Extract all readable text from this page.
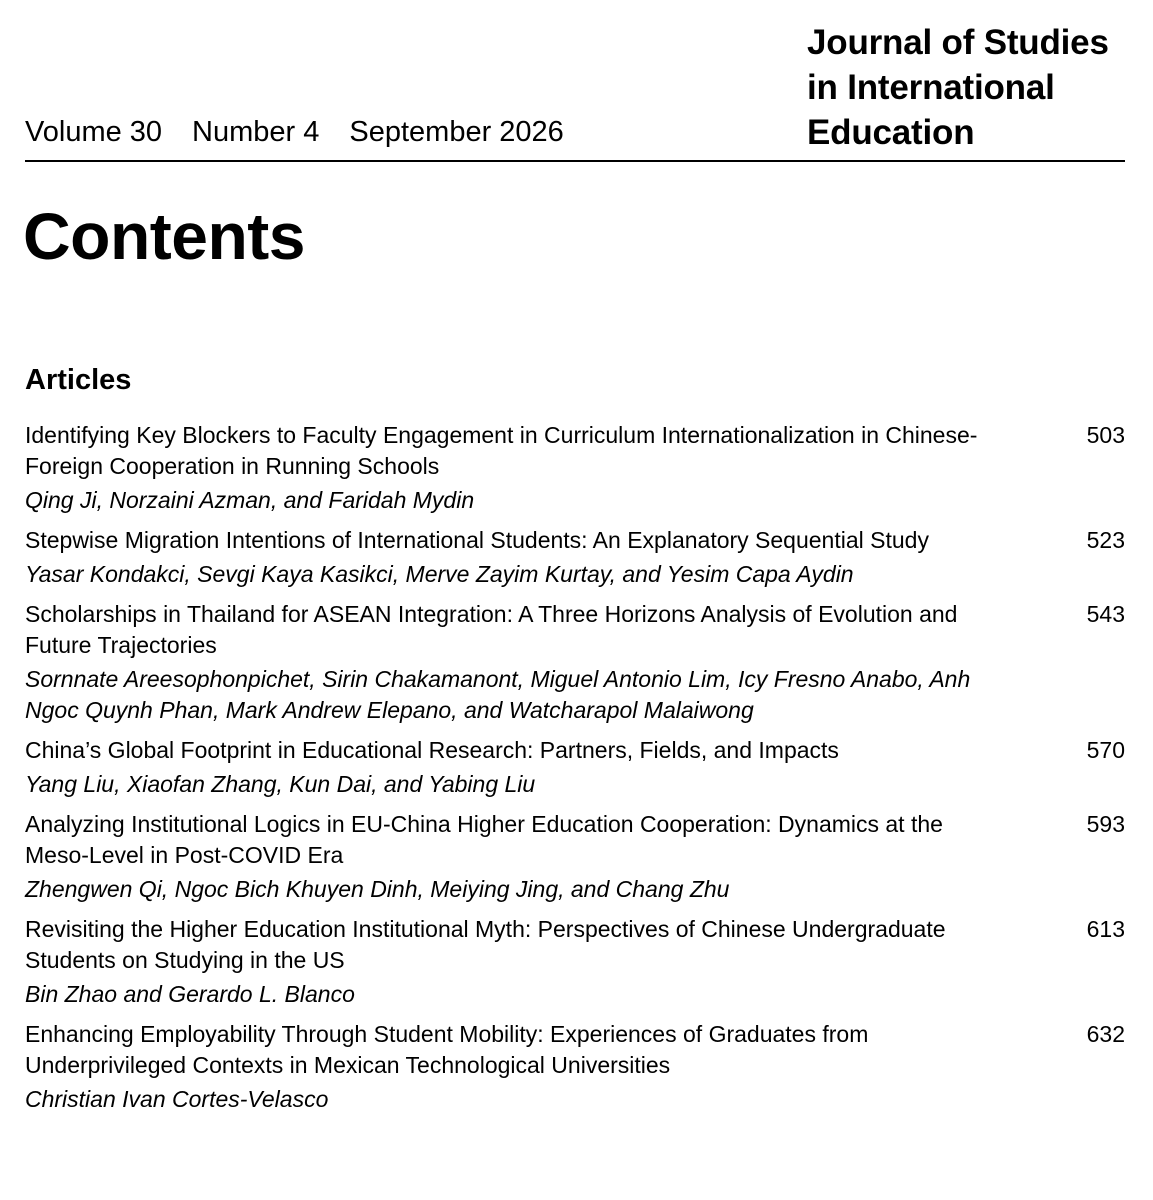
Journal of Studies
in International
Education
Volume 30 Number 4 September 2026
Contents
Articles
Identifying Key Blockers to Faculty Engagement in Curriculum Internationalization in Chinese-Foreign Cooperation in Running Schools
Qing Ji, Norzaini Azman, and Faridah Mydin
503
Stepwise Migration Intentions of International Students: An Explanatory Sequential Study
Yasar Kondakci, Sevgi Kaya Kasikci, Merve Zayim Kurtay, and Yesim Capa Aydin
523
Scholarships in Thailand for ASEAN Integration: A Three Horizons Analysis of Evolution and Future Trajectories
Sornnate Areesophonpichet, Sirin Chakamanont, Miguel Antonio Lim, Icy Fresno Anabo, Anh Ngoc Quynh Phan, Mark Andrew Elepano, and Watcharapol Malaiwong
543
China’s Global Footprint in Educational Research: Partners, Fields, and Impacts
Yang Liu, Xiaofan Zhang, Kun Dai, and Yabing Liu
570
Analyzing Institutional Logics in EU-China Higher Education Cooperation: Dynamics at the Meso-Level in Post-COVID Era
Zhengwen Qi, Ngoc Bich Khuyen Dinh, Meiying Jing, and Chang Zhu
593
Revisiting the Higher Education Institutional Myth: Perspectives of Chinese Undergraduate Students on Studying in the US
Bin Zhao and Gerardo L. Blanco
613
Enhancing Employability Through Student Mobility: Experiences of Graduates from Underprivileged Contexts in Mexican Technological Universities
Christian Ivan Cortes-Velasco
632
